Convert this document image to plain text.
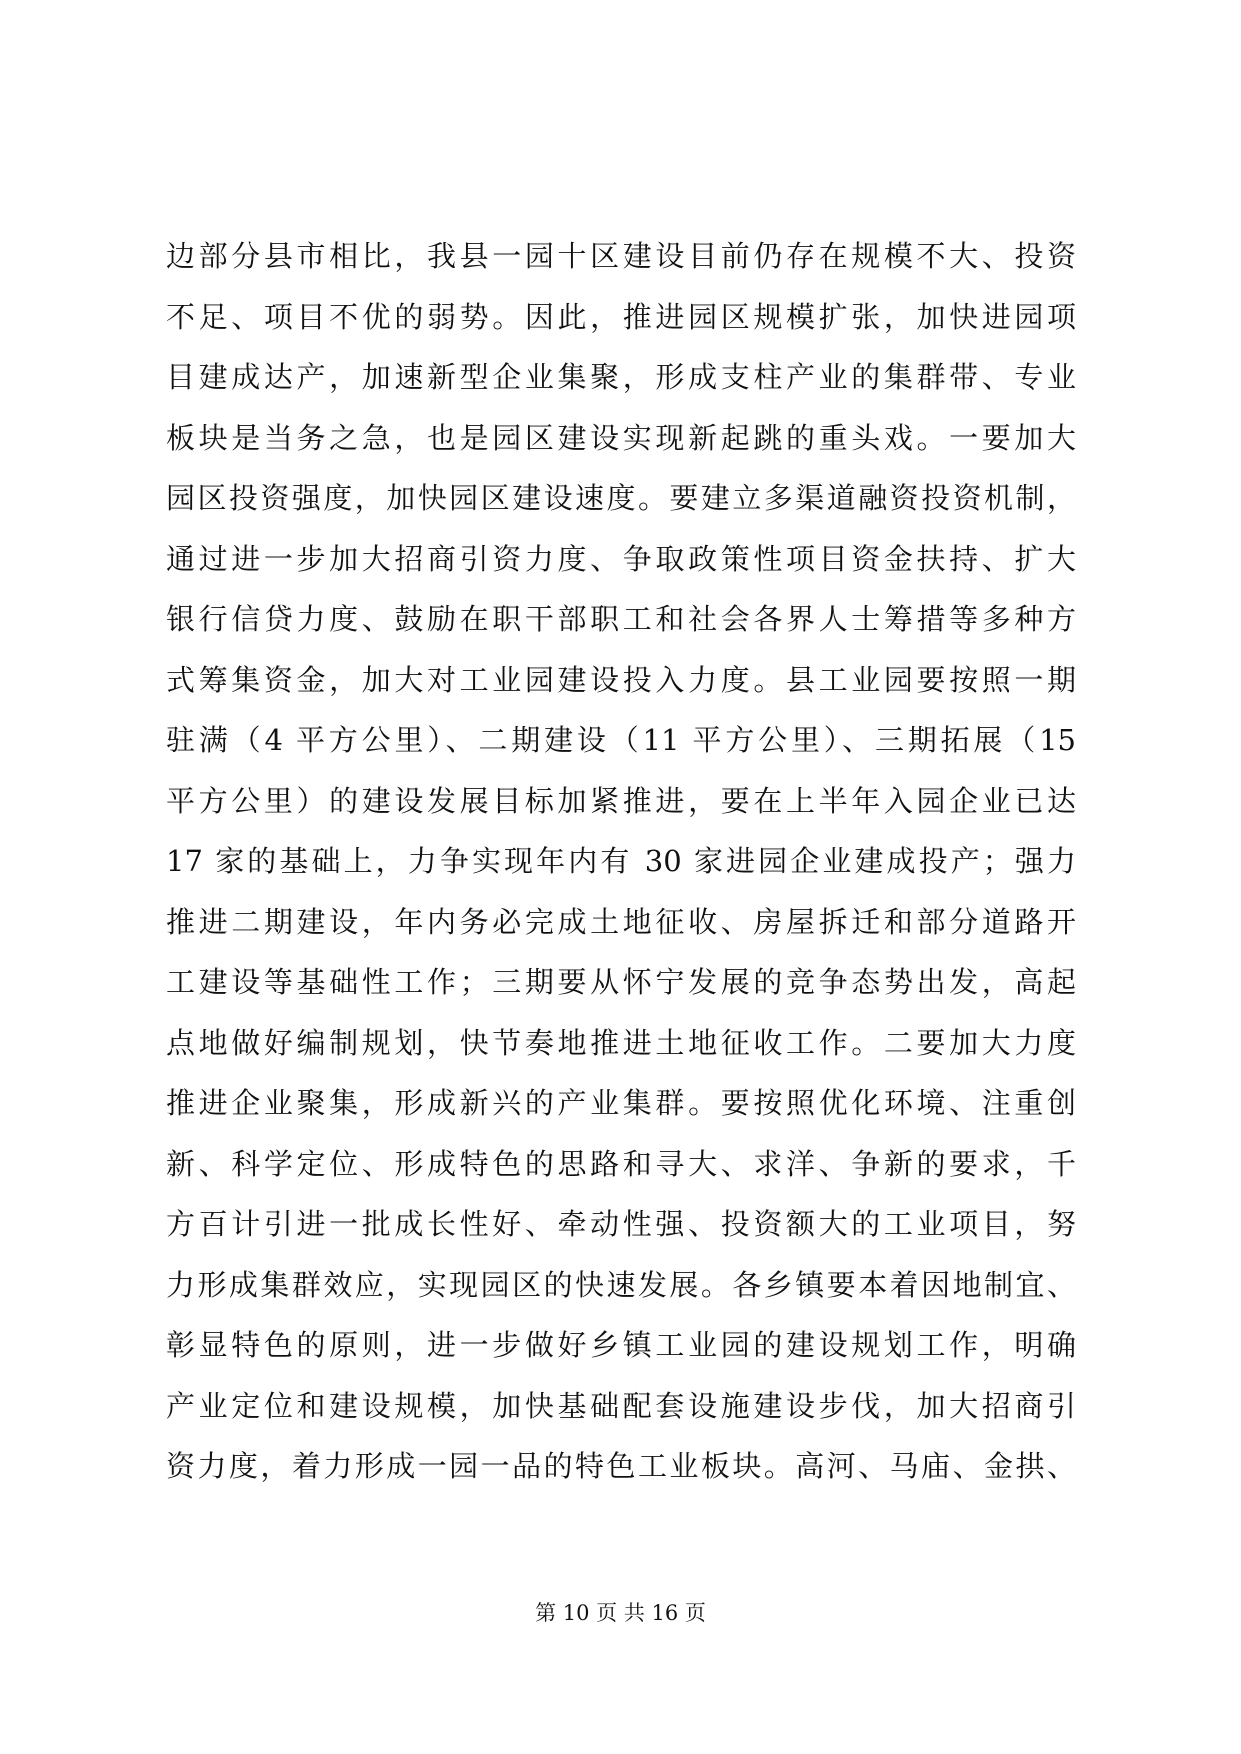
边部分县市相比，我县一园十区建设目前仍存在规模不大、投资
不足、项目不优的弱势。因此，推进园区规模扩张，加快进园项
目建成达产，加速新型企业集聚，形成支柱产业的集群带、专业
板块是当务之急，也是园区建设实现新起跳的重头戏。一要加大
园区投资强度，加快园区建设速度。要建立多渠道融资投资机制，
通过进一步加大招商引资力度、争取政策性项目资金扶持、扩大
银行信贷力度、鼓励在职干部职工和社会各界人士筹措等多种方
式筹集资金，加大对工业园建设投入力度。县工业园要按照一期
驻满（4 平方公里）、二期建设（11 平方公里）、三期拓展（15
平方公里）的建设发展目标加紧推进，要在上半年入园企业已达
17 家的基础上，力争实现年内有 30 家进园企业建成投产；强力
推进二期建设，年内务必完成土地征收、房屋拆迁和部分道路开
工建设等基础性工作；三期要从怀宁发展的竞争态势出发，高起
点地做好编制规划，快节奏地推进土地征收工作。二要加大力度
推进企业聚集，形成新兴的产业集群。要按照优化环境、注重创
新、科学定位、形成特色的思路和寻大、求洋、争新的要求，千
方百计引进一批成长性好、牵动性强、投资额大的工业项目，努
力形成集群效应，实现园区的快速发展。各乡镇要本着因地制宜、
彰显特色的原则，进一步做好乡镇工业园的建设规划工作，明确
产业定位和建设规模，加快基础配套设施建设步伐，加大招商引
资力度，着力形成一园一品的特色工业板块。高河、马庙、金拱、
第 10 页 共 16 页
